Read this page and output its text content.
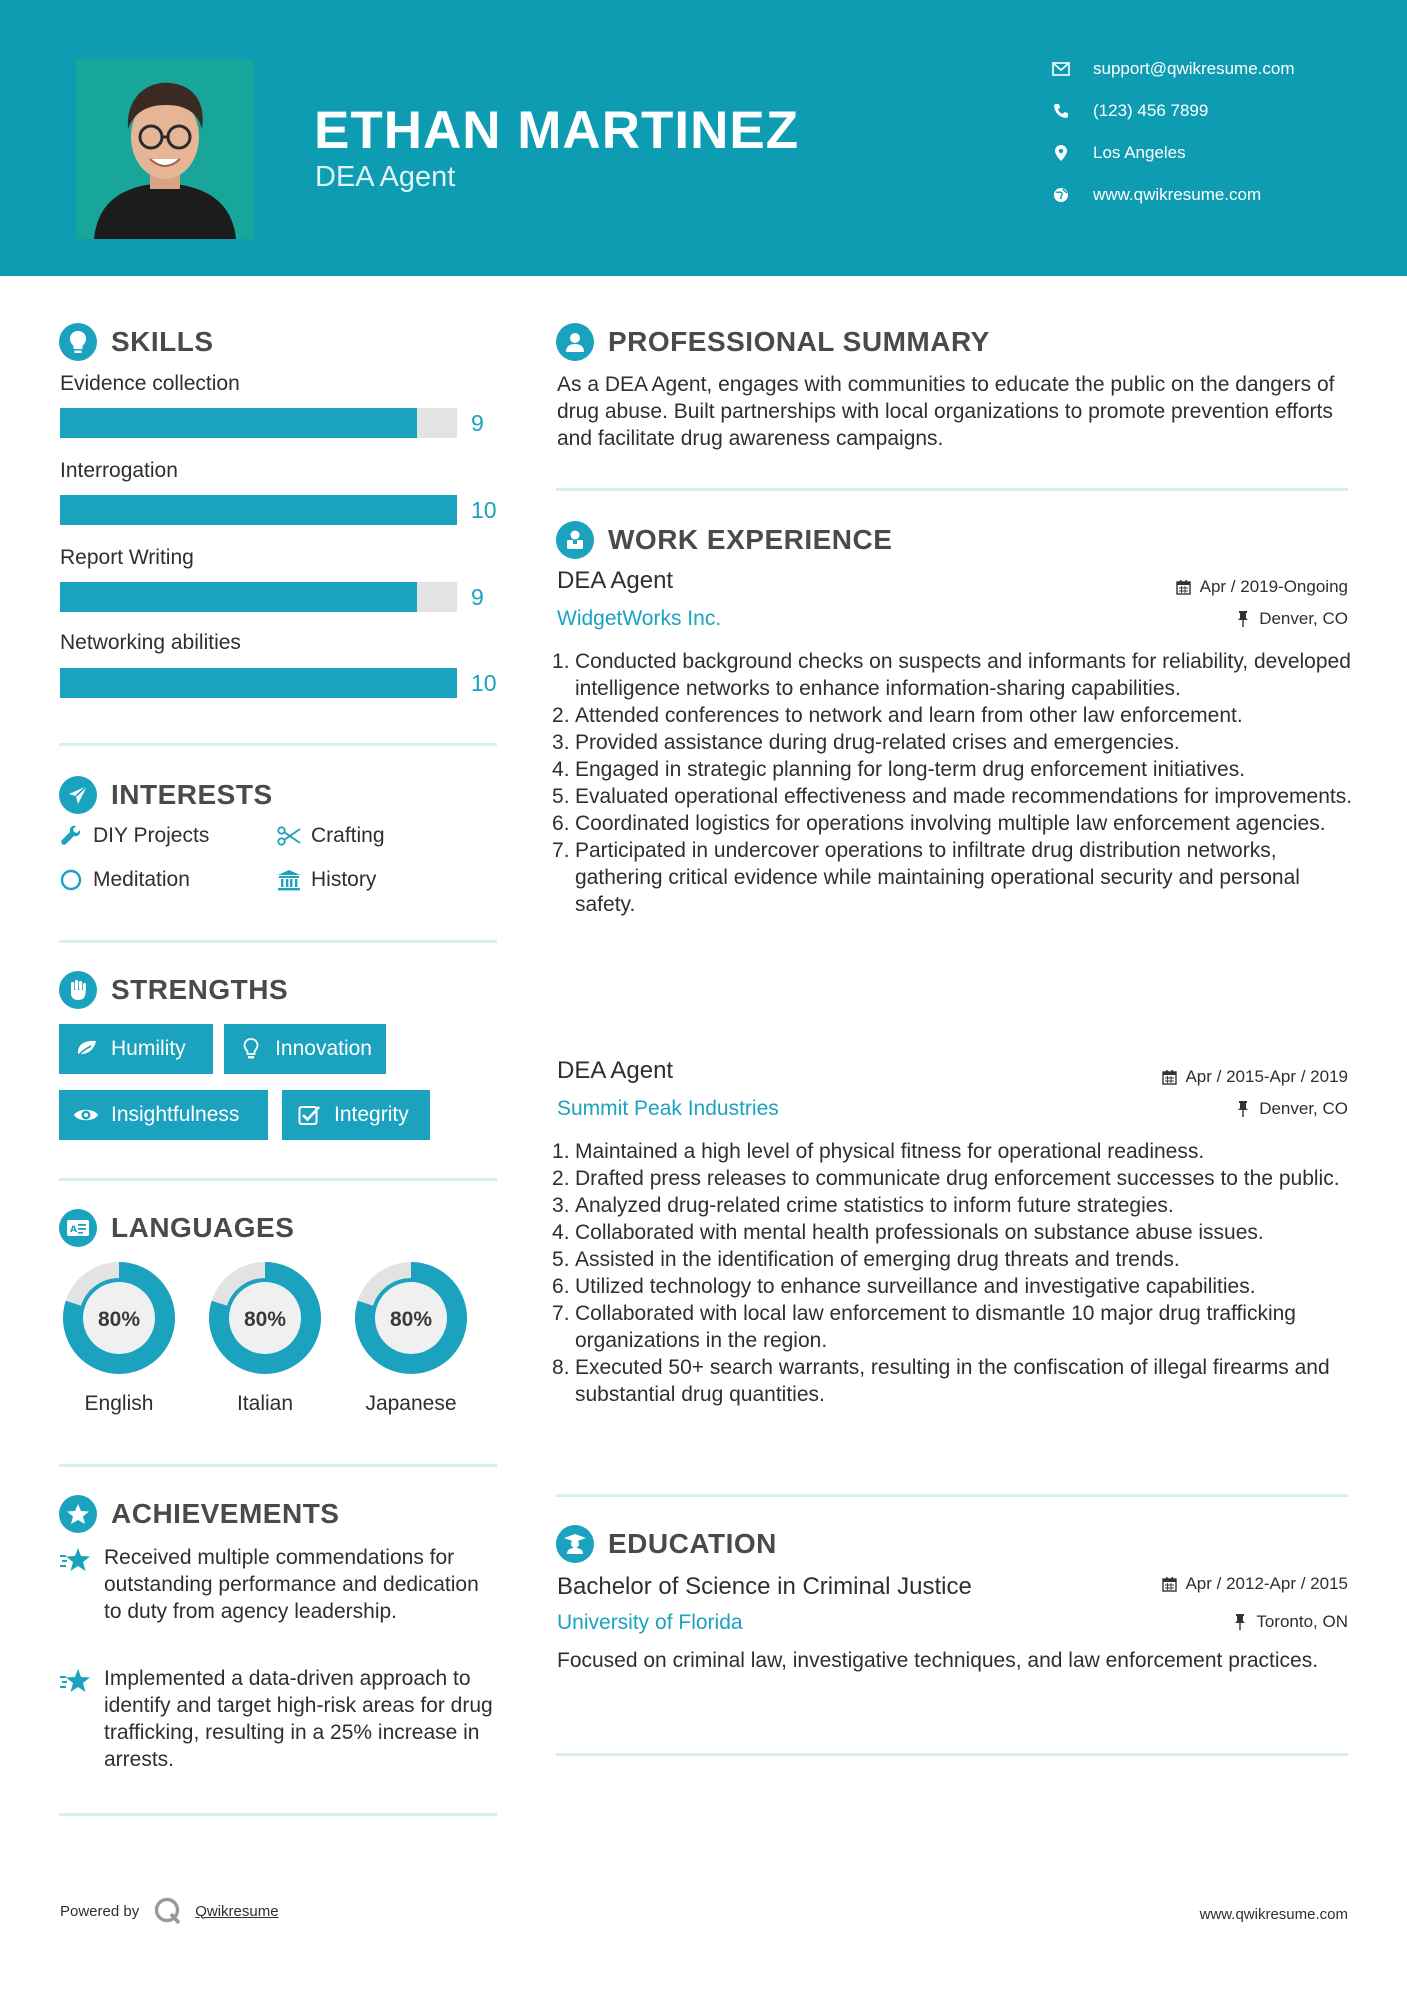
ETHAN MARTINEZ
DEA Agent
support@qwikresume.com
(123) 456 7899
Los Angeles
www.qwikresume.com
SKILLS
Evidence collection
9
Interrogation
10
Report Writing
9
Networking abilities
10
INTERESTS
DIY Projects	Crafting
Meditation	History
STRENGTHS
Humility	Innovation
Insightfulness	Integrity
A LANGUAGES
80%
English
80%
Italian
80%
Japanese
ACHIEVEMENTS
Received multiple commendations for outstanding performance and dedication to duty from agency leadership.
Implemented a data-driven approach to identify and target high-risk areas for drug trafficking, resulting in a 25% increase in arrests.
PROFESSIONAL SUMMARY
As a DEA Agent, engages with communities to educate the public on the dangers of drug abuse. Built partnerships with local organizations to promote prevention efforts and facilitate drug awareness campaigns.
WORK EXPERIENCE
DEA Agent	Apr / 2019-Ongoing
WidgetWorks Inc.	Denver, CO
Conducted background checks on suspects and informants for reliability, developed intelligence networks to enhance information-sharing capabilities.
Attended conferences to network and learn from other law enforcement.
Provided assistance during drug-related crises and emergencies.
Engaged in strategic planning for long-term drug enforcement initiatives.
Evaluated operational effectiveness and made recommendations for improvements.
Coordinated logistics for operations involving multiple law enforcement agencies.
Participated in undercover operations to infiltrate drug distribution networks, gathering critical evidence while maintaining operational security and personal safety.
DEA Agent	Apr / 2015-Apr / 2019
Summit Peak Industries	Denver, CO
Maintained a high level of physical fitness for operational readiness.
Drafted press releases to communicate drug enforcement successes to the public.
Analyzed drug-related crime statistics to inform future strategies.
Collaborated with mental health professionals on substance abuse issues.
Assisted in the identification of emerging drug threats and trends.
Utilized technology to enhance surveillance and investigative capabilities.
Collaborated with local law enforcement to dismantle 10 major drug trafficking organizations in the region.
Executed 50+ search warrants, resulting in the confiscation of illegal firearms and substantial drug quantities.
EDUCATION
Bachelor of Science in Criminal Justice	Apr / 2012-Apr / 2015
University of Florida	Toronto, ON
Focused on criminal law, investigative techniques, and law enforcement practices.
Powered by	Qwikresume	www.qwikresume.com
